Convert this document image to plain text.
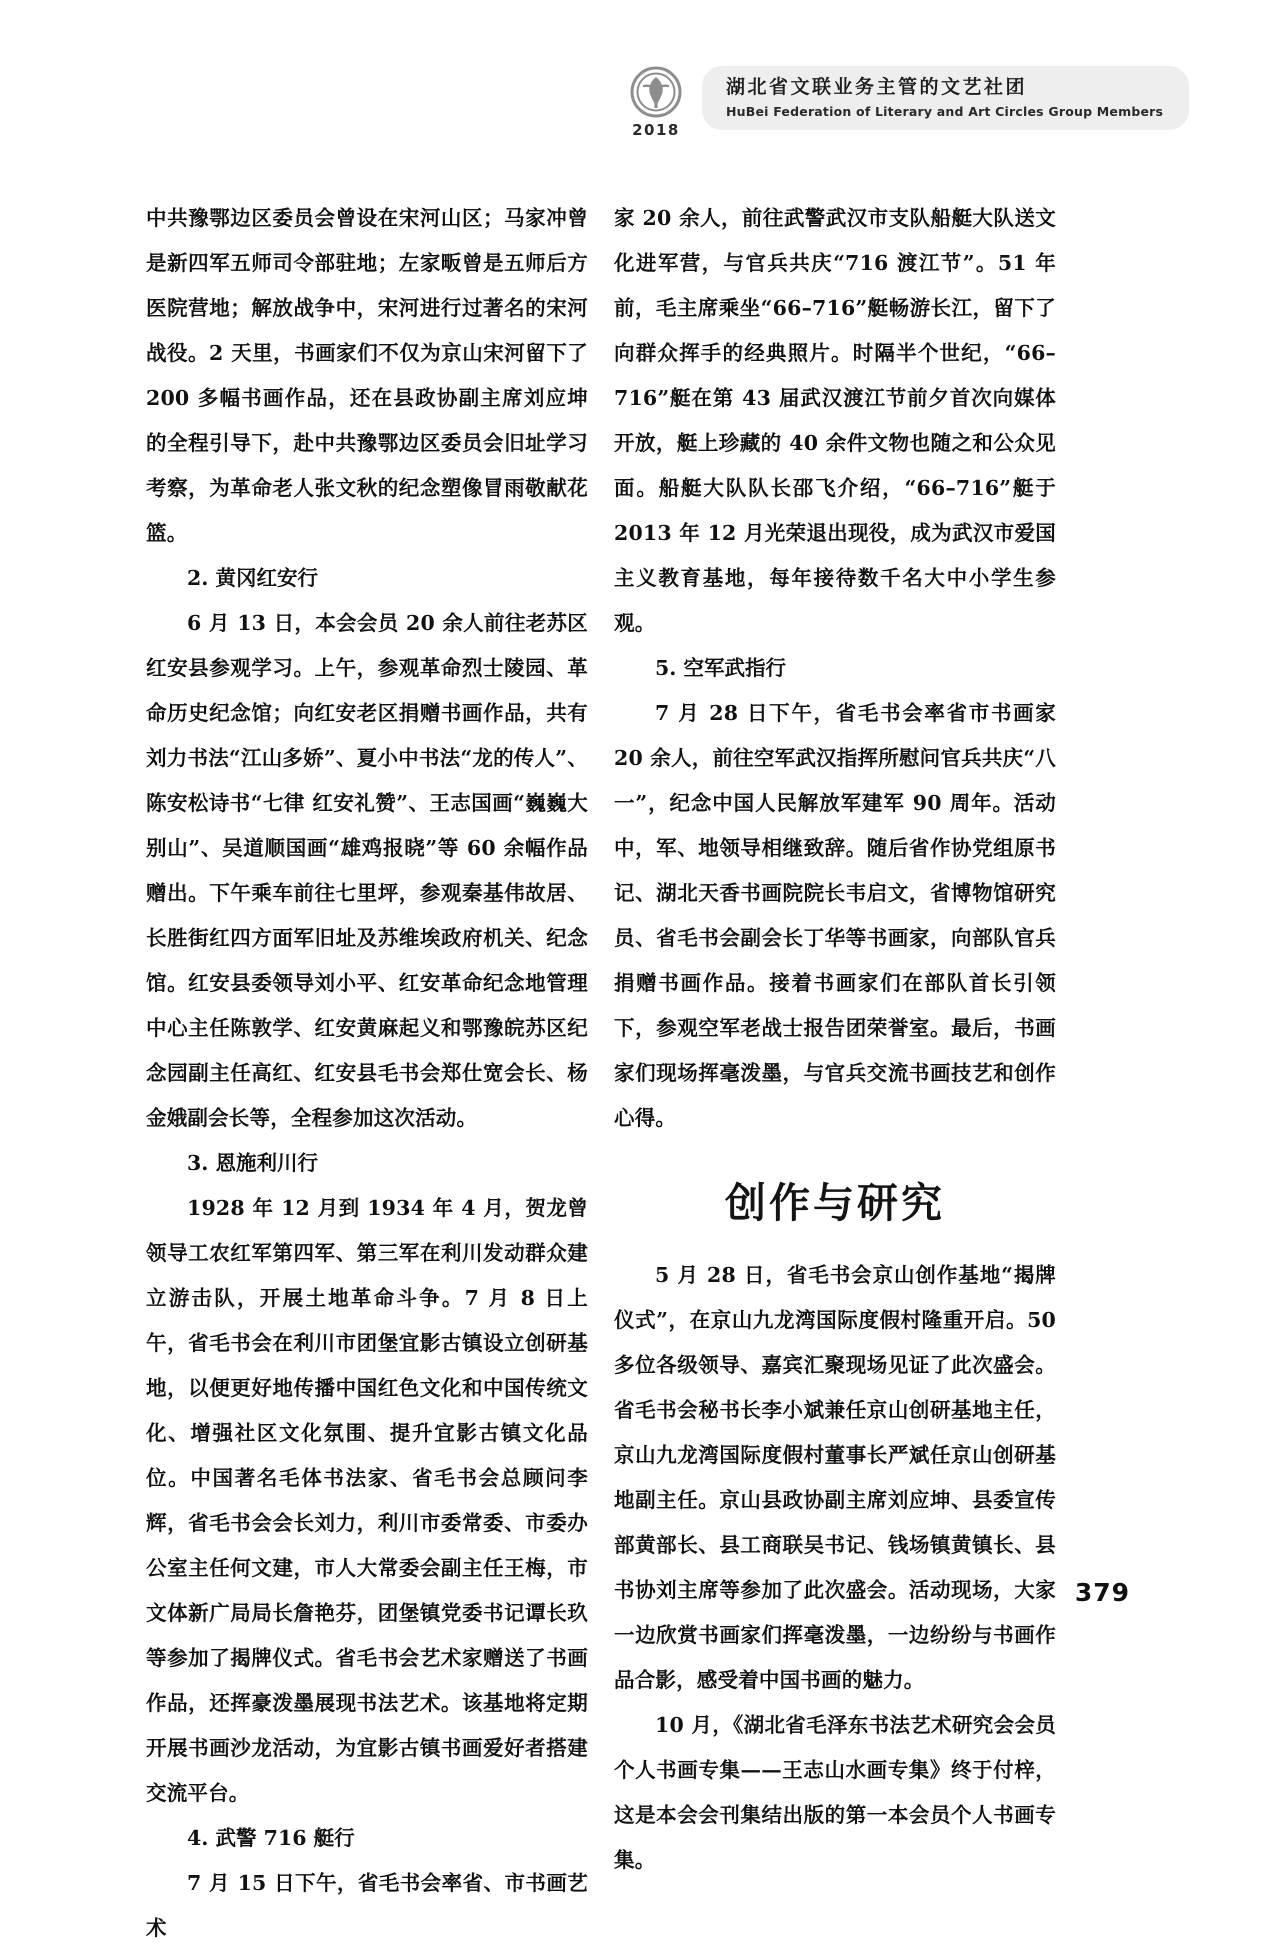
2018
湖北省文联业务主管的文艺社团
HuBei Federation of Literary and Art Circles Group Members

中共豫鄂边区委员会曾设在宋河山区；马家冲曾是新四军五师司令部驻地；左家畈曾是五师后方医院营地；解放战争中，宋河进行过著名的宋河战役。2 天里，书画家们不仅为京山宋河留下了 200 多幅书画作品，还在县政协副主席刘应坤的全程引导下，赴中共豫鄂边区委员会旧址学习考察，为革命老人张文秋的纪念塑像冒雨敬献花篮。

2. 黄冈红安行

6 月 13 日，本会会员 20 余人前往老苏区红安县参观学习。上午，参观革命烈士陵园、革命历史纪念馆；向红安老区捐赠书画作品，共有刘力书法“江山多娇”、夏小中书法“龙的传人”、陈安松诗书“七律 红安礼赞”、王志国画“巍巍大别山”、吴道顺国画“雄鸡报晓”等 60 余幅作品赠出。下午乘车前往七里坪，参观秦基伟故居、长胜街红四方面军旧址及苏维埃政府机关、纪念馆。红安县委领导刘小平、红安革命纪念地管理中心主任陈敦学、红安黄麻起义和鄂豫皖苏区纪念园副主任高红、红安县毛书会郑仕宽会长、杨金娥副会长等，全程参加这次活动。

3. 恩施利川行

1928 年 12 月到 1934 年 4 月，贺龙曾领导工农红军第四军、第三军在利川发动群众建立游击队，开展土地革命斗争。7 月 8 日上午，省毛书会在利川市团堡宜影古镇设立创研基地，以便更好地传播中国红色文化和中国传统文化、增强社区文化氛围、提升宜影古镇文化品位。中国著名毛体书法家、省毛书会总顾问李辉，省毛书会会长刘力，利川市委常委、市委办公室主任何文建，市人大常委会副主任王梅，市文体新广局局长詹艳芬，团堡镇党委书记谭长玖等参加了揭牌仪式。省毛书会艺术家赠送了书画作品，还挥豪泼墨展现书法艺术。该基地将定期开展书画沙龙活动，为宜影古镇书画爱好者搭建交流平台。

4. 武警 716 艇行

7 月 15 日下午，省毛书会率省、市书画艺术

家 20 余人，前往武警武汉市支队船艇大队送文化进军营，与官兵共庆“716 渡江节”。51 年前，毛主席乘坐“66–716”艇畅游长江，留下了向群众挥手的经典照片。时隔半个世纪，“66–716”艇在第 43 届武汉渡江节前夕首次向媒体开放，艇上珍藏的 40 余件文物也随之和公众见面。船艇大队队长邵飞介绍，“66–716”艇于 2013 年 12 月光荣退出现役，成为武汉市爱国主义教育基地，每年接待数千名大中小学生参观。

5. 空军武指行

7 月 28 日下午，省毛书会率省市书画家 20 余人，前往空军武汉指挥所慰问官兵共庆“八一”，纪念中国人民解放军建军 90 周年。活动中，军、地领导相继致辞。随后省作协党组原书记、湖北天香书画院院长韦启文，省博物馆研究员、省毛书会副会长丁华等书画家，向部队官兵捐赠书画作品。接着书画家们在部队首长引领下，参观空军老战士报告团荣誉室。最后，书画家们现场挥毫泼墨，与官兵交流书画技艺和创作心得。

创作与研究

5 月 28 日，省毛书会京山创作基地“揭牌仪式”，在京山九龙湾国际度假村隆重开启。50 多位各级领导、嘉宾汇聚现场见证了此次盛会。省毛书会秘书长李小斌兼任京山创研基地主任，京山九龙湾国际度假村董事长严斌任京山创研基地副主任。京山县政协副主席刘应坤、县委宣传部黄部长、县工商联吴书记、钱场镇黄镇长、县书协刘主席等参加了此次盛会。活动现场，大家一边欣赏书画家们挥毫泼墨，一边纷纷与书画作品合影，感受着中国书画的魅力。

10 月，《湖北省毛泽东书法艺术研究会会员个人书画专集——王志山水画专集》终于付梓，这是本会会刊集结出版的第一本会员个人书画专集。

379
